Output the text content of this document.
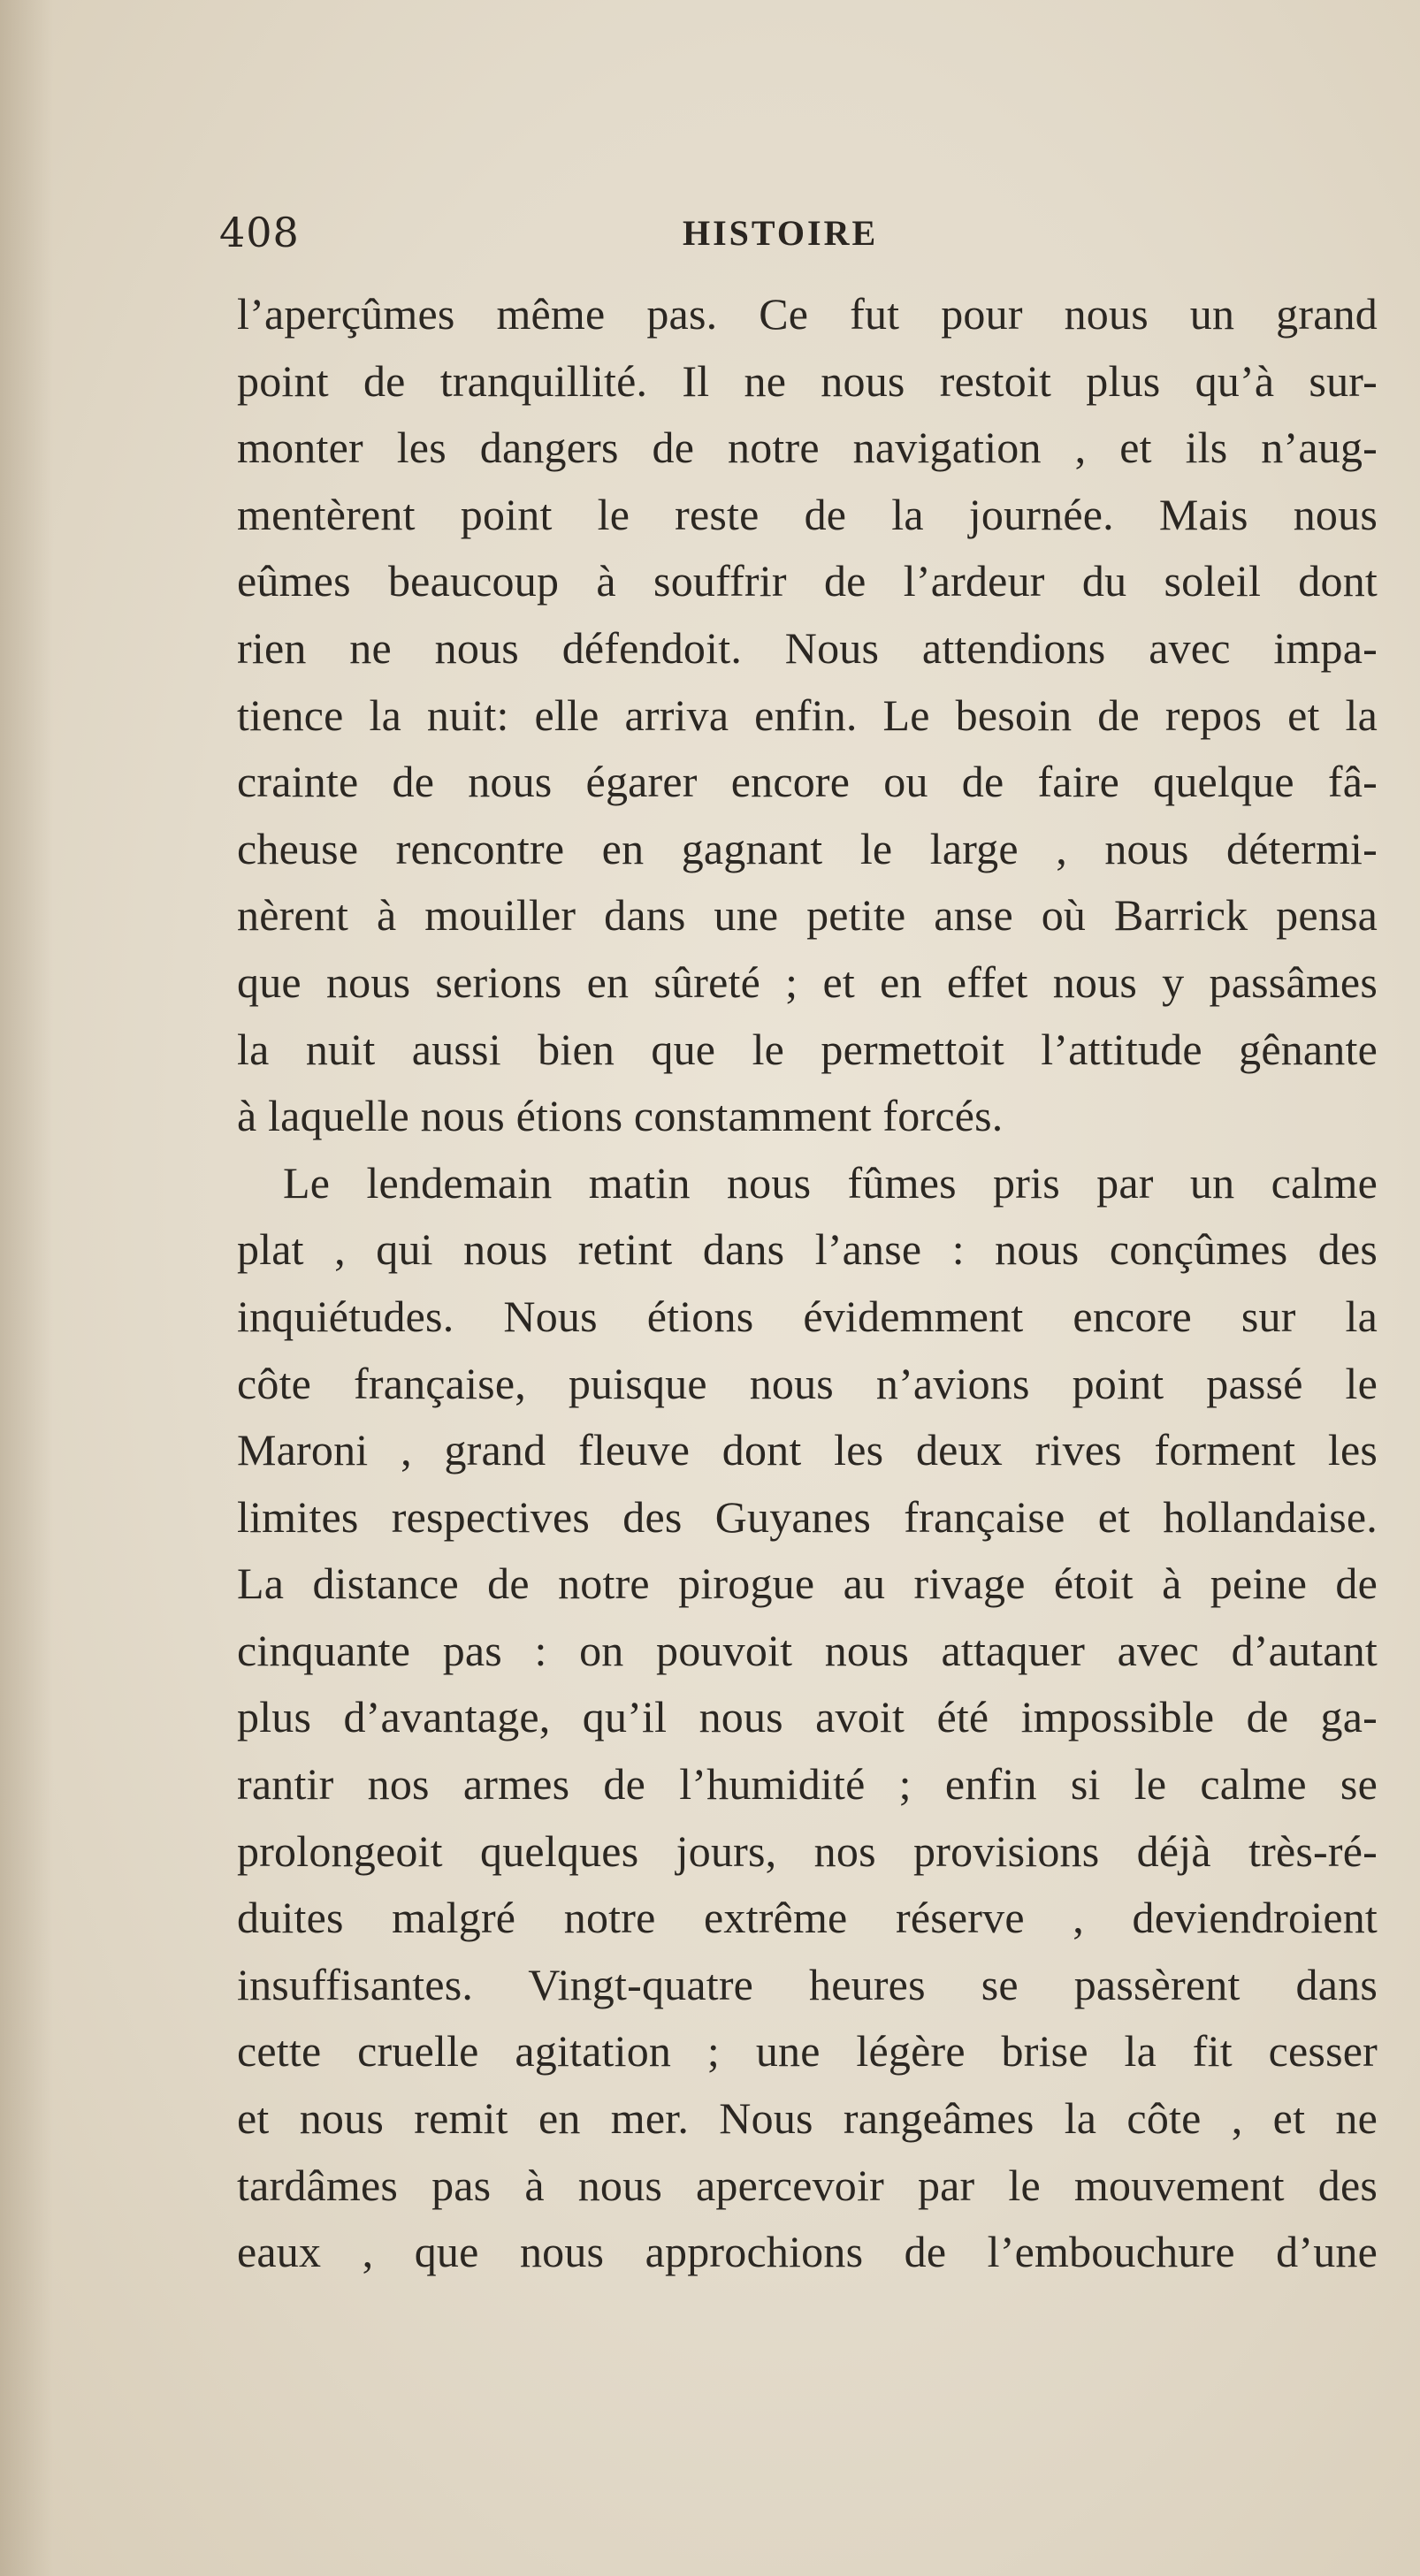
408	HISTOIRE
l’aperçûmes même pas. Ce fut pour nous un grand
point de tranquillité. Il ne nous restoit plus qu’à sur-
monter les dangers de notre navigation , et ils n’aug-
mentèrent point le reste de la journée. Mais nous
eûmes beaucoup à souffrir de l’ardeur du soleil dont
rien ne nous défendoit. Nous attendions avec impa-
tience la nuit: elle arriva enfin. Le besoin de repos et la
crainte de nous égarer encore ou de faire quelque fâ-
cheuse rencontre en gagnant le large , nous détermi-
nèrent à mouiller dans une petite anse où Barrick pensa
que nous serions en sûreté ; et en effet nous y passâmes
la nuit aussi bien que le permettoit l’attitude gênante
à laquelle nous étions constamment forcés.
Le lendemain matin nous fûmes pris par un calme
plat , qui nous retint dans l’anse : nous conçûmes des
inquiétudes. Nous étions évidemment encore sur la
côte française, puisque nous n’avions point passé le
Maroni , grand fleuve dont les deux rives forment les
limites respectives des Guyanes française et hollandaise.
La distance de notre pirogue au rivage étoit à peine de
cinquante pas : on pouvoit nous attaquer avec d’autant
plus d’avantage, qu’il nous avoit été impossible de ga-
rantir nos armes de l’humidité ; enfin si le calme se
prolongeoit quelques jours, nos provisions déjà très-ré-
duites malgré notre extrême réserve , deviendroient
insuffisantes. Vingt-quatre heures se passèrent dans
cette cruelle agitation ; une légère brise la fit cesser
et nous remit en mer. Nous rangeâmes la côte , et ne
tardâmes pas à nous apercevoir par le mouvement des
eaux , que nous approchions de l’embouchure d’une
